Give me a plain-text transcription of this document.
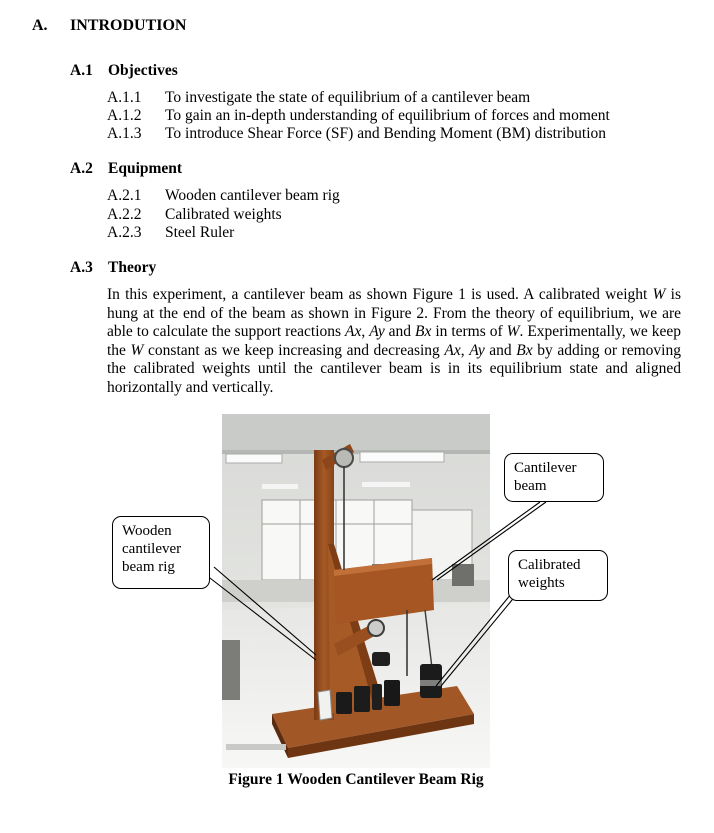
A. INTRODUTION
A.1 Objectives
A.1.1 To investigate the state of equilibrium of a cantilever beam
A.1.2 To gain an in-depth understanding of equilibrium of forces and moment
A.1.3 To introduce Shear Force (SF) and Bending Moment (BM) distribution
A.2 Equipment
A.2.1 Wooden cantilever beam rig
A.2.2 Calibrated weights
A.2.3 Steel Ruler
A.3 Theory
In this experiment, a cantilever beam as shown Figure 1 is used. A calibrated weight W is hung at the end of the beam as shown in Figure 2. From the theory of equilibrium, we are able to calculate the support reactions Ax, Ay and Bx in terms of W. Experimentally, we keep the W constant as we keep increasing and decreasing Ax, Ay and Bx by adding or removing the calibrated weights until the cantilever beam is in its equilibrium state and aligned horizontally and vertically.
Wooden cantilever beam rig
Cantilever beam
Calibrated weights
Figure 1 Wooden Cantilever Beam Rig
